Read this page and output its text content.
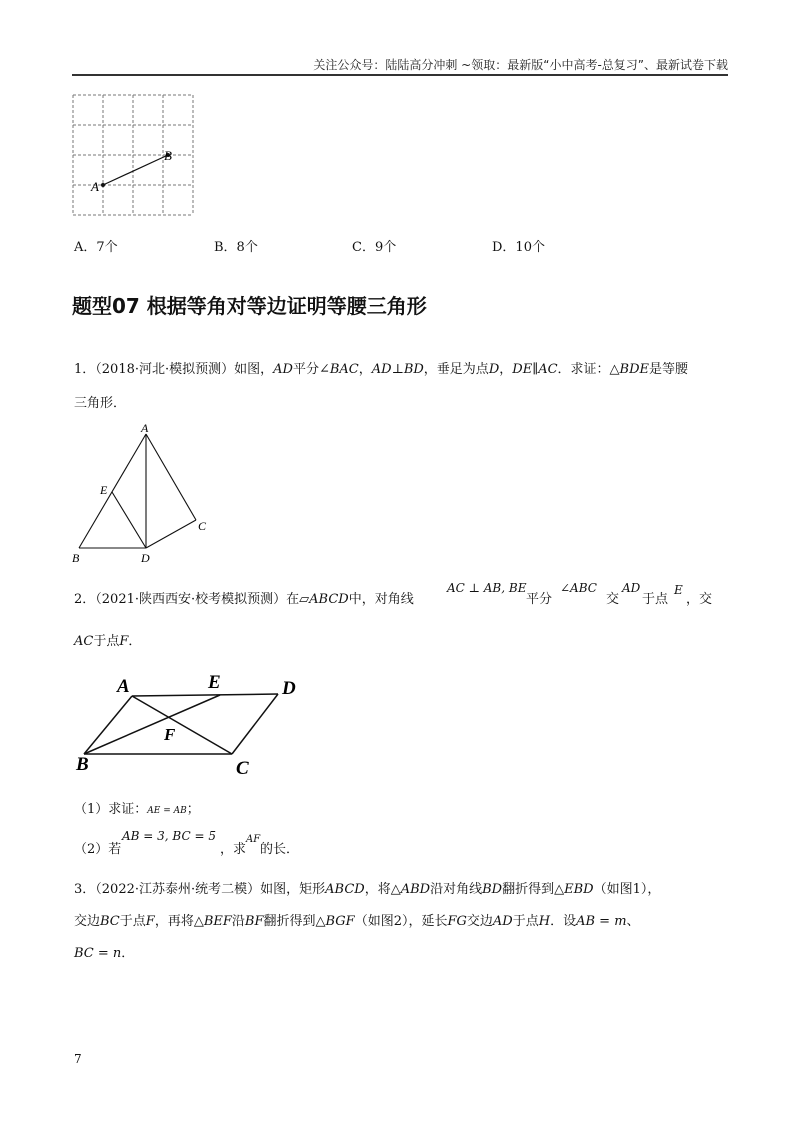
关注公众号：陆陆高分冲刺 ~领取：最新版“小中高考-总复习”、最新试卷下载
A
B
A．7个	B．8个	C．9个	D．10个
题型07 根据等角对等边证明等腰三角形
1．（2018·河北·模拟预测）如图，AD平分∠BAC，AD⊥BD，垂足为点D，DE∥AC．求证：△BDE是等腰
三角形．
A
E
C
B	D
2．（2021·陕西西安·校考模拟预测）在▱ABCD中，对角线
AC ⊥ AB, BE
平分
∠ABC
交
AD
于点
E
，交
AC于点F．
A	E	D
F
B	C
（1）求证：AE = AB；
（2）若
AB = 3, BC = 5
，求
AF
的长．
3．（2022·江苏泰州·统考二模）如图，矩形ABCD，将△ABD沿对角线BD翻折得到△EBD（如图1），
交边BC于点F，再将△BEF沿BF翻折得到△BGF（如图2），延长FG交边AD于点H．设AB = m、
BC = n．
7
